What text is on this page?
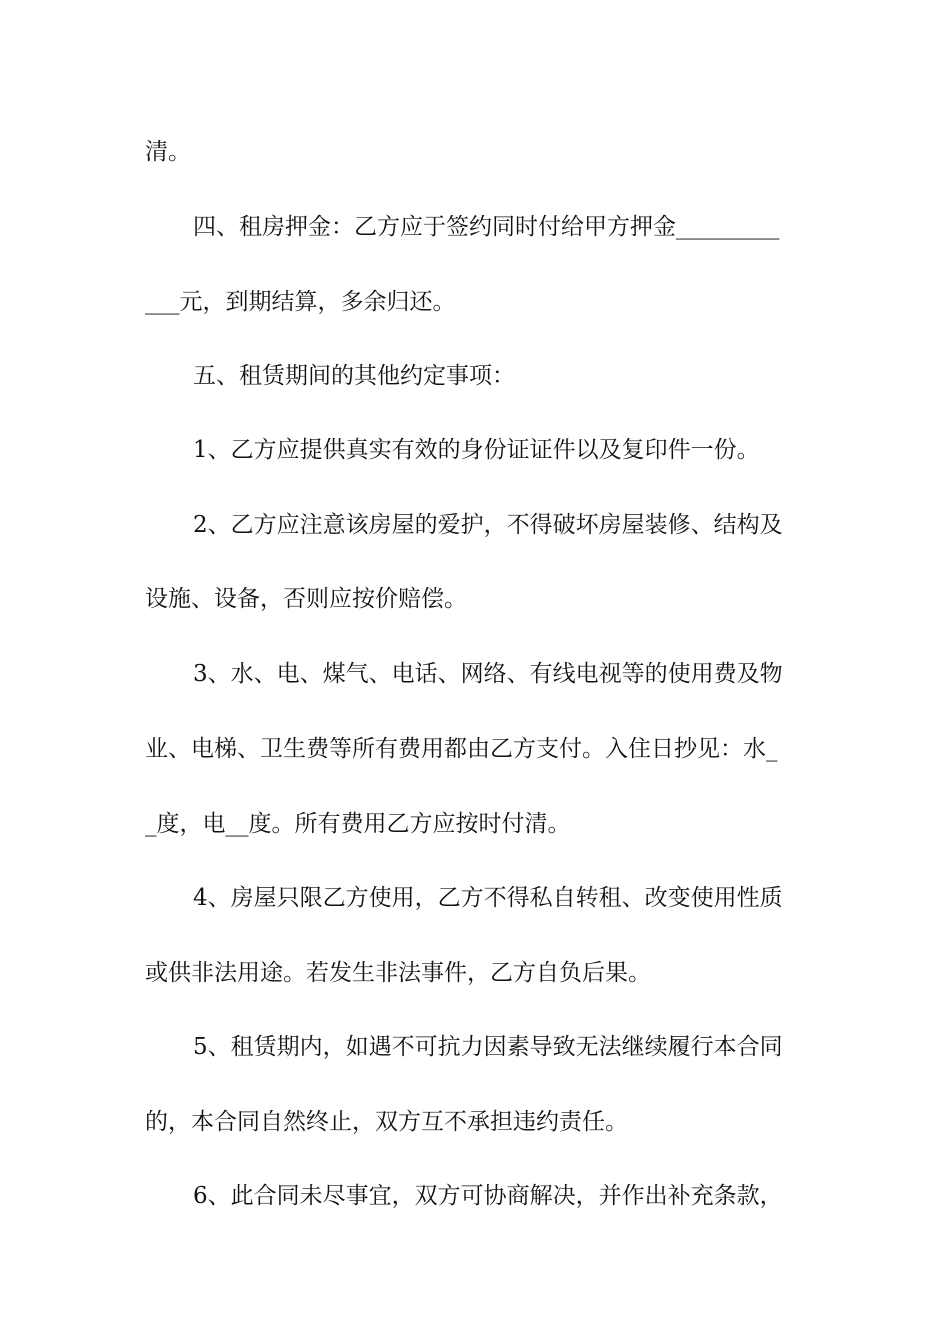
清。
四、租房押金：乙方应于签约同时付给甲方押金_________
___元，到期结算，多余归还。
五、租赁期间的其他约定事项：
1、乙方应提供真实有效的身份证证件以及复印件一份。
2、乙方应注意该房屋的爱护，不得破坏房屋装修、结构及
设施、设备，否则应按价赔偿。
3、水、电、煤气、电话、网络、有线电视等的使用费及物
业、电梯、卫生费等所有费用都由乙方支付。入住日抄见：水_
_度，电__度。所有费用乙方应按时付清。
4、房屋只限乙方使用，乙方不得私自转租、改变使用性质
或供非法用途。若发生非法事件，乙方自负后果。
5、租赁期内，如遇不可抗力因素导致无法继续履行本合同
的，本合同自然终止，双方互不承担违约责任。
6、此合同未尽事宜，双方可协商解决，并作出补充条款，
